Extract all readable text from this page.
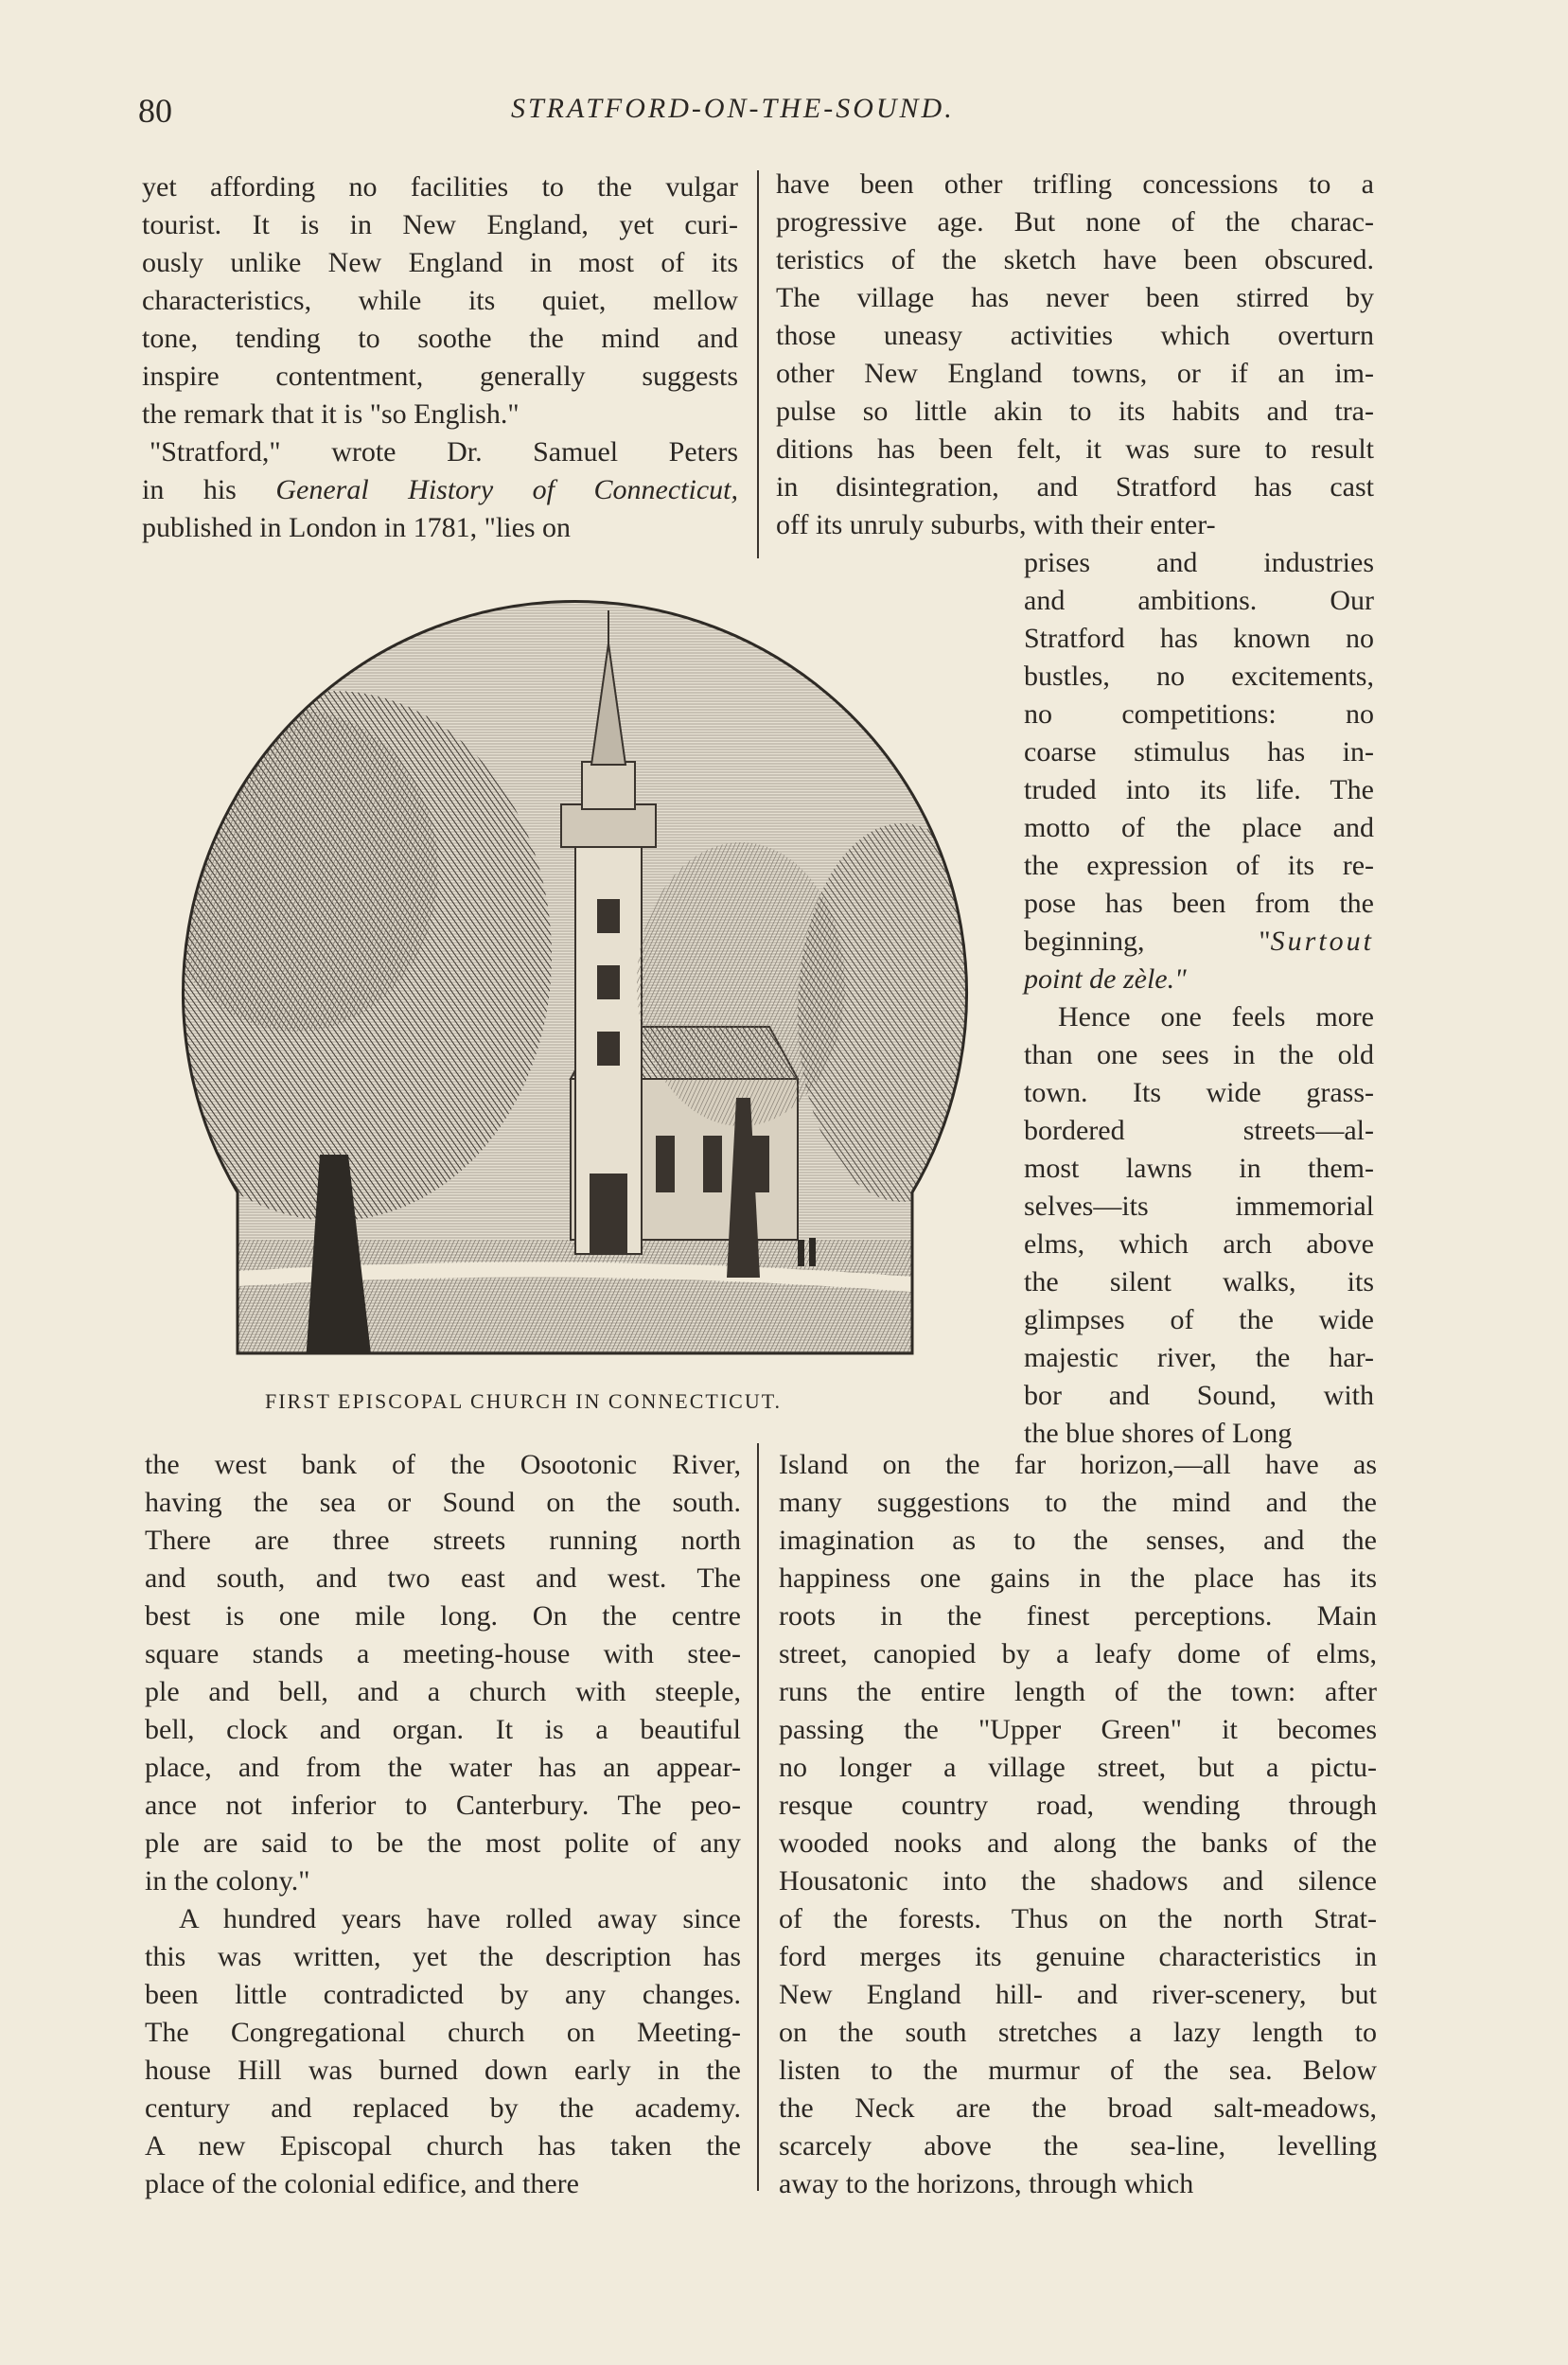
80	STRATFORD-ON-THE-SOUND.

yet affording no facilities to the vulgar tourist. It is in New England, yet curi- ously unlike New England in most of its characteristics, while its quiet, mellow tone, tending to soothe the mind and inspire contentment, generally suggests the remark that it is "so English."

"Stratford," wrote Dr. Samuel Peters in his General History of Connecticut, published in London in 1781, "lies on

have been other trifling concessions to a progressive age. But none of the charac- teristics of the sketch have been obscured. The village has never been stirred by those uneasy activities which overturn other New England towns, or if an im- pulse so little akin to its habits and tra- ditions has been felt, it was sure to result in disintegration, and Stratford has cast off its unruly suburbs, with their enter-

prises and industries and ambitions. Our Stratford has known no bustles, no excitements, no competitions: no coarse stimulus has in- truded into its life. The motto of the place and the expression of its re- pose has been from the beginning, "Surtout point de zèle."

Hence one feels more than one sees in the old town. Its wide grass- bordered streets—al- most lawns in them- selves—its immemorial elms, which arch above the silent walks, its glimpses of the wide majestic river, the har- bor and Sound, with the blue shores of Long

FIRST EPISCOPAL CHURCH IN CONNECTICUT.

the west bank of the Osootonic River, having the sea or Sound on the south. There are three streets running north and south, and two east and west. The best is one mile long. On the centre square stands a meeting-house with stee- ple and bell, and a church with steeple, bell, clock and organ. It is a beautiful place, and from the water has an appear- ance not inferior to Canterbury. The peo- ple are said to be the most polite of any in the colony."

A hundred years have rolled away since this was written, yet the description has been little contradicted by any changes. The Congregational church on Meeting- house Hill was burned down early in the century and replaced by the academy. A new Episcopal church has taken the place of the colonial edifice, and there

Island on the far horizon,—all have as many suggestions to the mind and the imagination as to the senses, and the happiness one gains in the place has its roots in the finest perceptions. Main street, canopied by a leafy dome of elms, runs the entire length of the town: after passing the "Upper Green" it becomes no longer a village street, but a pictu- resque country road, wending through wooded nooks and along the banks of the Housatonic into the shadows and silence of the forests. Thus on the north Strat- ford merges its genuine characteristics in New England hill- and river-scenery, but on the south stretches a lazy length to listen to the murmur of the sea. Below the Neck are the broad salt-meadows, scarcely above the sea-line, levelling away to the horizons, through which
